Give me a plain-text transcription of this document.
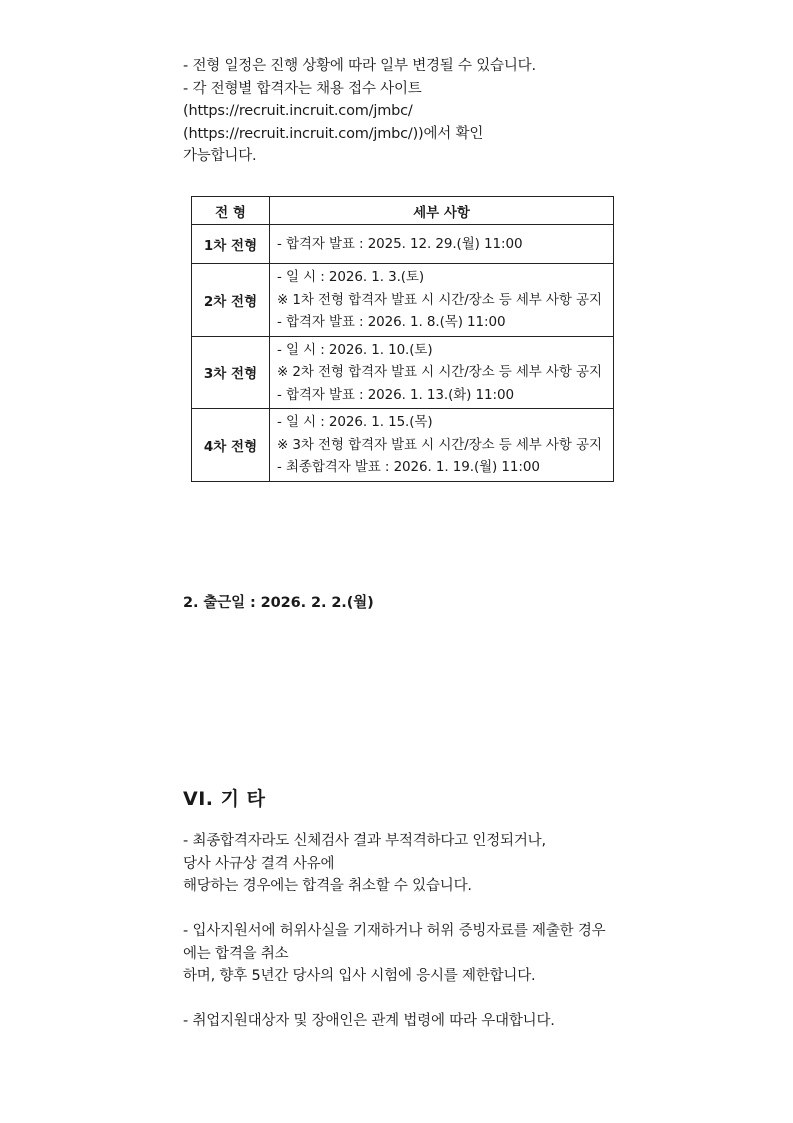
- 전형 일정은 진행 상황에 따라 일부 변경될 수 있습니다.

- 각 전형별 합격자는 채용 접수 사이트

(https://recruit.incruit.com/jmbc/

(https://recruit.incruit.com/jmbc/))에서 확인

가능합니다.

전 형	세부 사항
1차 전형	- 합격자 발표 : 2025. 12. 29.(월) 11:00

2차 전형	- 일 시 : 2026. 1. 3.(토)
※ 1차 전형 합격자 발표 시 시간/장소 등 세부 사항 공지
- 합격자 발표 : 2026. 1. 8.(목) 11:00

3차 전형	- 일 시 : 2026. 1. 10.(토)
※ 2차 전형 합격자 발표 시 시간/장소 등 세부 사항 공지
- 합격자 발표 : 2026. 1. 13.(화) 11:00

4차 전형	- 일 시 : 2026. 1. 15.(목)
※ 3차 전형 합격자 발표 시 시간/장소 등 세부 사항 공지
- 최종합격자 발표 : 2026. 1. 19.(월) 11:00
2. 출근일 : 2026. 2. 2.(월)
VI. 기 타

- 최종합격자라도 신체검사 결과 부적격하다고 인정되거나,

당사 사규상 결격 사유에

해당하는 경우에는 합격을 취소할 수 있습니다.

- 입사지원서에 허위사실을 기재하거나 허위 증빙자료를 제출한 경우에는 합격을 취소

하며, 향후 5년간 당사의 입사 시험에 응시를 제한합니다.

- 취업지원대상자 및 장애인은 관계 법령에 따라 우대합니다.
